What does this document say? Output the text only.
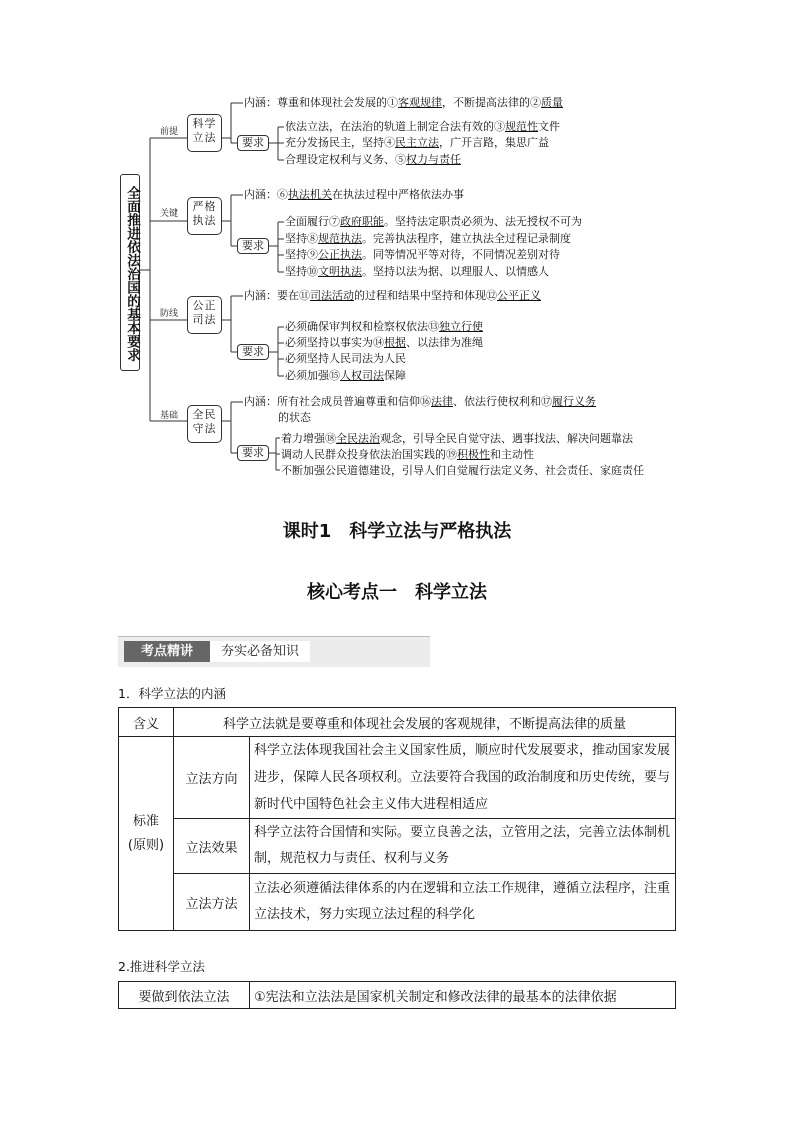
全面推进依法治国的基本要求
前提
关键
防线
基础
科学立法
严格执法
公正司法
全民守法
要求
要求
要求
要求
内涵：尊重和体现社会发展的①客观规律，不断提高法律的②质量
依法立法，在法治的轨道上制定合法有效的③规范性文件
充分发扬民主，坚持④民主立法，广开言路，集思广益
合理设定权利与义务、⑤权力与责任
内涵：⑥执法机关在执法过程中严格依法办事
全面履行⑦政府职能。坚持法定职责必须为、法无授权不可为
坚持⑧规范执法。完善执法程序，建立执法全过程记录制度
坚持⑨公正执法。同等情况平等对待，不同情况差别对待
坚持⑩文明执法。坚持以法为据、以理服人、以情感人
内涵：要在⑪司法活动的过程和结果中坚持和体现⑫公平正义
必须确保审判权和检察权依法⑬独立行使
必须坚持以事实为⑭根据、以法律为准绳
必须坚持人民司法为人民
必须加强⑮人权司法保障
内涵：所有社会成员普遍尊重和信仰⑯法律、依法行使权利和⑰履行义务
的状态
着力增强⑱全民法治观念，引导全民自觉守法、遇事找法、解决问题靠法
调动人民群众投身依法治国实践的⑲积极性和主动性
不断加强公民道德建设，引导人们自觉履行法定义务、社会责任、家庭责任
课时1　科学立法与严格执法
核心考点一　科学立法
考点精讲	夯实必备知识
1．科学立法的内涵
含义	科学立法就是要尊重和体现社会发展的客观规律，不断提高法律的质量	
标准
(原则)	立法方向	科学立法体现我国社会主义国家性质，顺应时代发展要求，推动国家发展进步，保障人民各项权利。立法要符合我国的政治制度和历史传统，要与新时代中国特色社会主义伟大进程相适应
	立法效果	科学立法符合国情和实际。要立良善之法，立管用之法，完善立法体制机制，规范权力与责任、权利与义务
	立法方法	立法必须遵循法律体系的内在逻辑和立法工作规律，遵循立法程序，注重立法技术，努力实现立法过程的科学化
2.推进科学立法
要做到依法立法	①宪法和立法法是国家机关制定和修改法律的最基本的法律依据
